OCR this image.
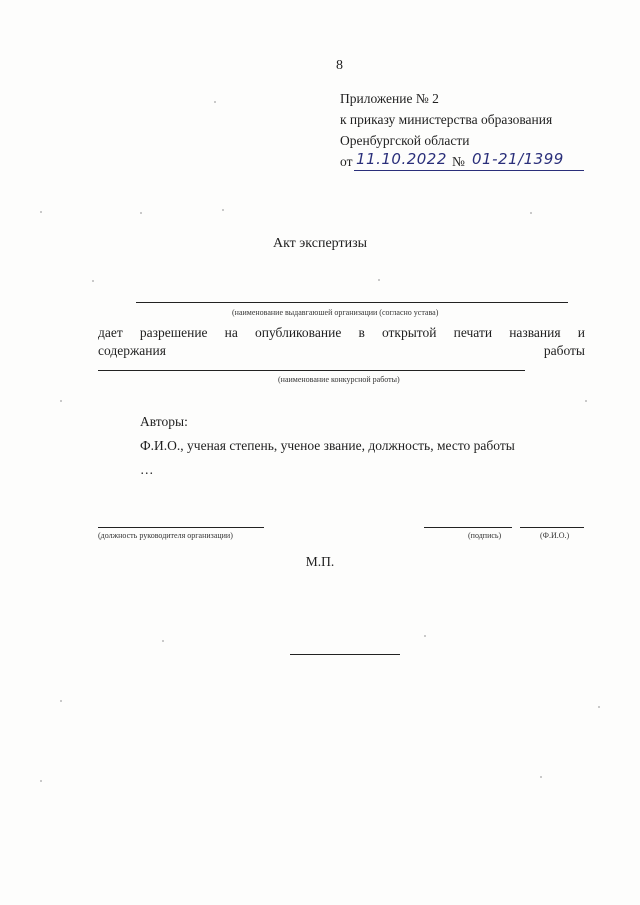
8
Приложение № 2
к приказу министерства образования
Оренбургской области
от 11.10.2022 № 01-21/1399
Акт экспертизы
(наименование выдавгаюшей организации (согласно устава)
дает разрешение на опубликование в открытой печати названия и
содержания	работы
(наименование конкурсной работы)
Авторы:
Ф.И.О., ученая степень, ученое звание, должность, место работы
…
(должность руководителя организации)	(подпись)	(Ф.И.О.)
М.П.
